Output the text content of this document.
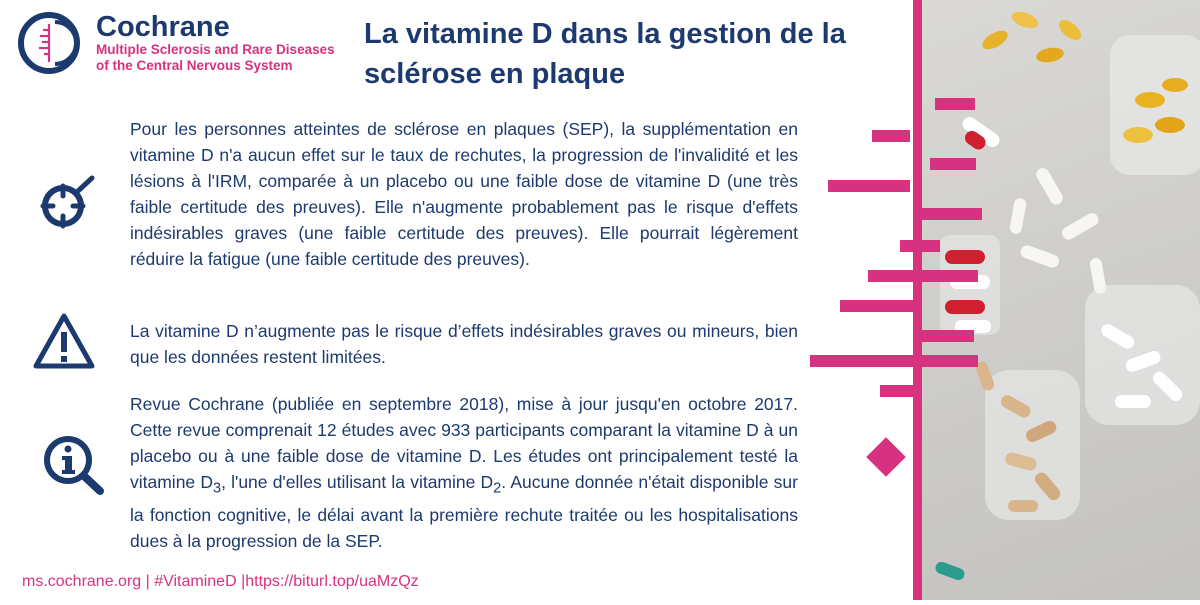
Cochrane
Multiple Sclerosis and Rare Diseases
of the Central Nervous System
La vitamine D dans la gestion de la
sclérose en plaque
Pour les personnes atteintes de sclérose en plaques (SEP), la supplémentation en vitamine D n'a aucun effet sur le taux de rechutes, la progression de l'invalidité et les lésions à l'IRM, comparée à un placebo ou une faible dose de vitamine D (une très faible certitude des preuves). Elle n'augmente probablement pas le risque d'effets indésirables graves (une faible certitude des preuves). Elle pourrait légèrement réduire la fatigue (une faible certitude des preuves).
La vitamine D n’augmente pas le risque d’effets indésirables graves ou mineurs, bien que les données restent limitées.
Revue Cochrane (publiée en septembre 2018), mise à jour jusqu'en octobre 2017. Cette revue comprenait 12 études avec 933 participants comparant la vitamine D à un placebo ou à une faible dose de vitamine D. Les études ont principalement testé la vitamine $D_3$, l'une d'elles utilisant la vitamine $D_2$. Aucune donnée n'était disponible sur la fonction cognitive, le délai avant la première rechute traitée ou les hospitalisations dues à la progression de la SEP.
ms.cochrane.org | #VitamineD |https://biturl.top/uaMzQz
